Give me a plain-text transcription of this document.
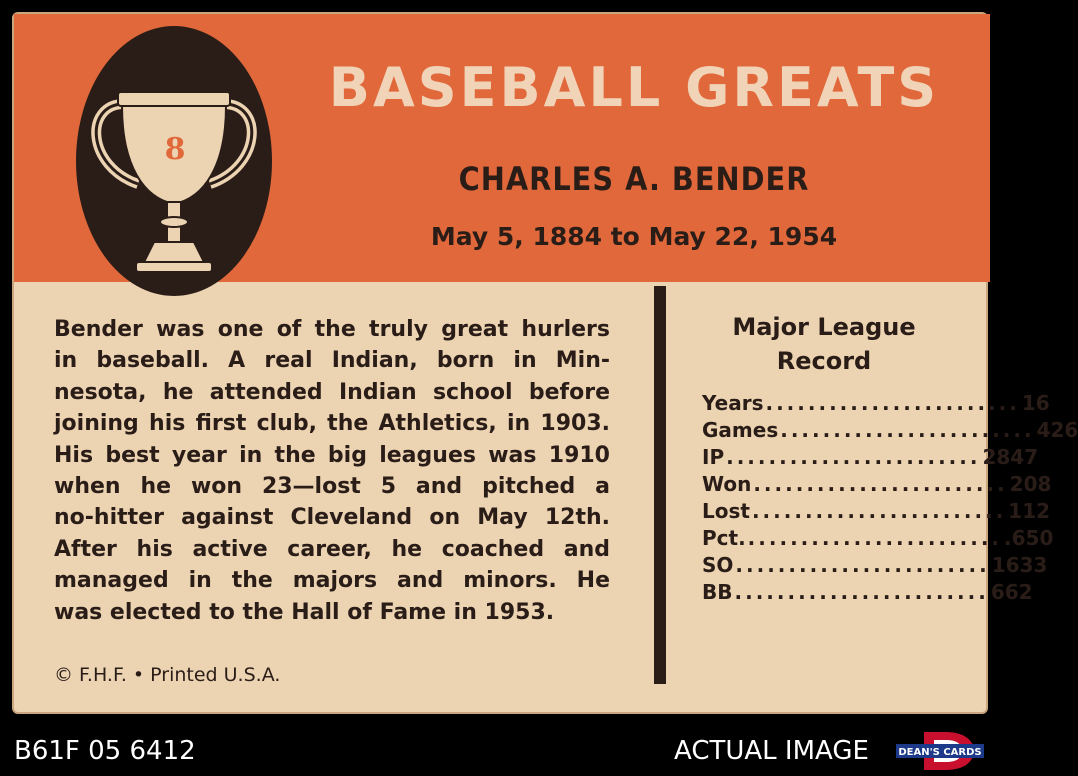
8
BASEBALL GREATS
CHARLES A. BENDER
May 5, 1884 to May 22, 1954
Bender was one of the truly great hurlers
in baseball. A real Indian, born in Min-
nesota, he attended Indian school before
joining his first club, the Athletics, in 1903.
His best year in the big leagues was 1910
when he won 23—lost 5 and pitched a
no-hitter against Cleveland on May 12th.
After his active career, he coached and
managed in the majors and minors. He
was elected to the Hall of Fame in 1953.
© F.H.F. • Printed U.S.A.
Major League
Record
Years ........................ 16
Games ........................ 426
IP ........................ 2847
Won ........................ 208
Lost ........................ 112
Pct. ........................ .650
SO ........................ 1633
BB ........................ 662
B61F 05 6412	ACTUAL IMAGE	DEAN'S CARDS
